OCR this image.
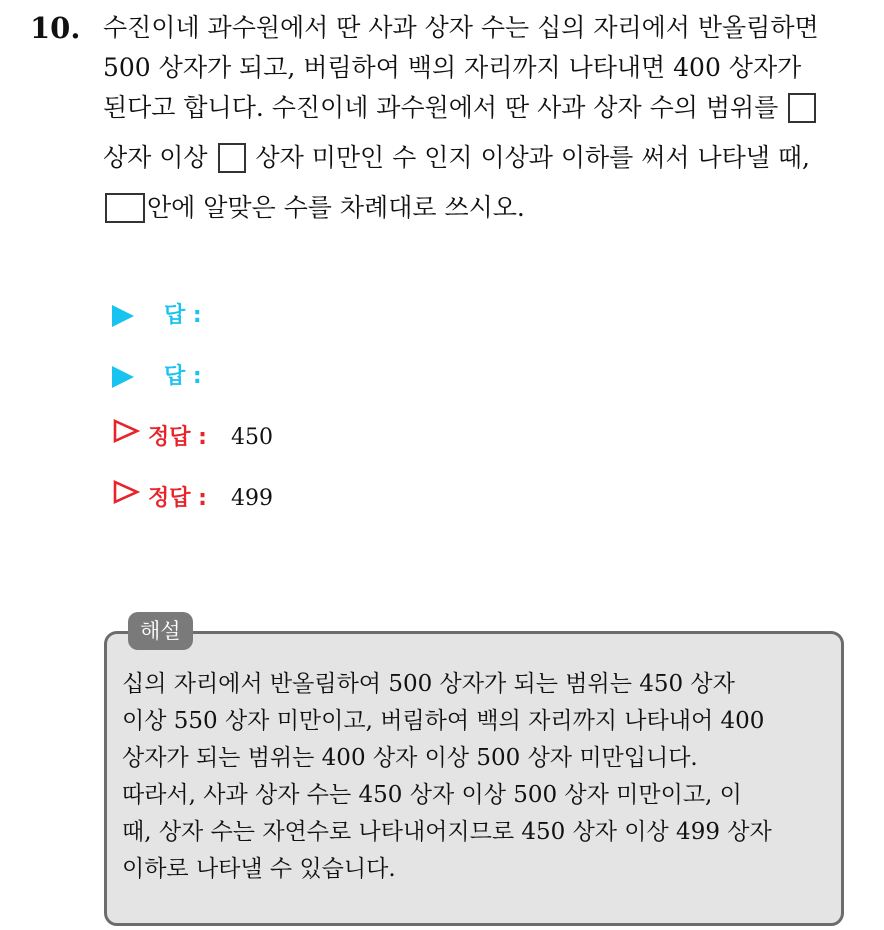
10. 수진이네 과수원에서 딴 사과 상자 수는 십의 자리에서 반올림하면
500 상자가 되고, 버림하여 백의 자리까지 나타내면 400 상자가
된다고 합니다. 수진이네 과수원에서 딴 사과 상자 수의 범위를
상자 이상 상자 미만인 수 인지 이상과 이하를 써서 나타낼 때,
안에 알맞은 수를 차례대로 쓰시오.
답 :
답 :
정답 : 450
정답 : 499
해설
십의 자리에서 반올림하여 500 상자가 되는 범위는 450 상자
이상 550 상자 미만이고, 버림하여 백의 자리까지 나타내어 400
상자가 되는 범위는 400 상자 이상 500 상자 미만입니다.
따라서, 사과 상자 수는 450 상자 이상 500 상자 미만이고, 이
때, 상자 수는 자연수로 나타내어지므로 450 상자 이상 499 상자
이하로 나타낼 수 있습니다.
